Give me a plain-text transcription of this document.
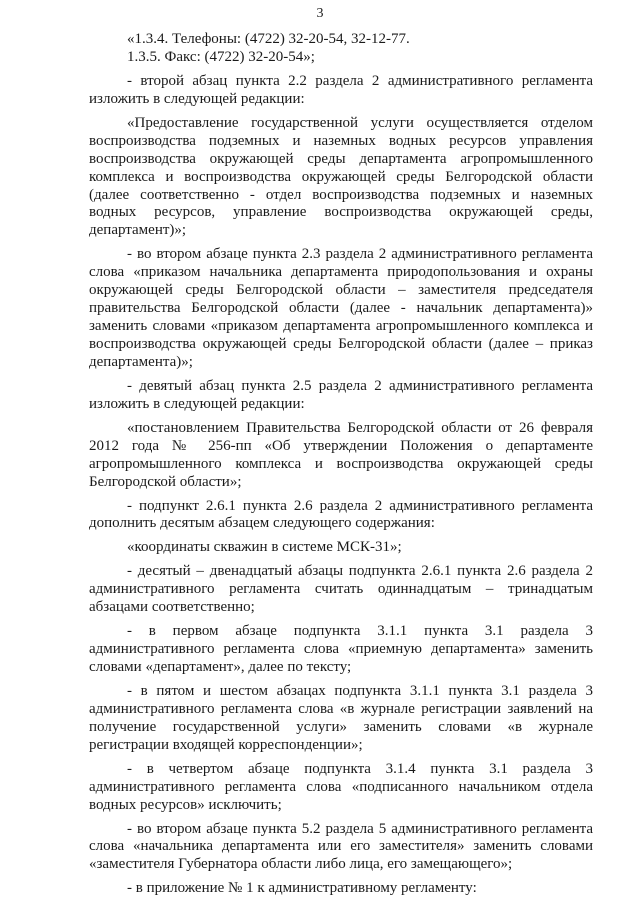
3
«1.3.4. Телефоны: (4722) 32-20-54, 32-12-77.
1.3.5. Факс: (4722) 32-20-54»;
- второй абзац пункта 2.2 раздела 2 административного регламента
изложить в следующей редакции:
«Предоставление государственной услуги осуществляется отделом
воспроизводства подземных и наземных водных ресурсов управления
воспроизводства окружающей среды департамента агропромышленного
комплекса и воспроизводства окружающей среды Белгородской области
(далее соответственно - отдел воспроизводства подземных и наземных
водных ресурсов, управление воспроизводства окружающей среды,
департамент)»;
- во втором абзаце пункта 2.3 раздела 2 административного регламента
слова «приказом начальника департамента природопользования и охраны
окружающей среды Белгородской области – заместителя председателя
правительства Белгородской области (далее - начальник департамента)»
заменить словами «приказом департамента агропромышленного комплекса и
воспроизводства окружающей среды Белгородской области (далее – приказ
департамента)»;
- девятый абзац пункта 2.5 раздела 2 административного регламента
изложить в следующей редакции:
«постановлением Правительства Белгородской области от 26 февраля
2012 года № 256-пп «Об утверждении Положения о департаменте
агропромышленного комплекса и воспроизводства окружающей среды
Белгородской области»;
- подпункт 2.6.1 пункта 2.6 раздела 2 административного регламента
дополнить десятым абзацем следующего содержания:
«координаты скважин в системе МСК-31»;
- десятый – двенадцатый абзацы подпункта 2.6.1 пункта 2.6 раздела 2
административного регламента считать одиннадцатым – тринадцатым
абзацами соответственно;
- в первом абзаце подпункта 3.1.1 пункта 3.1 раздела 3
административного регламента слова «приемную департамента» заменить
словами «департамент», далее по тексту;
- в пятом и шестом абзацах подпункта 3.1.1 пункта 3.1 раздела 3
административного регламента слова «в журнале регистрации заявлений на
получение государственной услуги» заменить словами «в журнале
регистрации входящей корреспонденции»;
- в четвертом абзаце подпункта 3.1.4 пункта 3.1 раздела 3
административного регламента слова «подписанного начальником отдела
водных ресурсов» исключить;
- во втором абзаце пункта 5.2 раздела 5 административного регламента
слова «начальника департамента или его заместителя» заменить словами
«заместителя Губернатора области либо лица, его замещающего»;
- в приложение № 1 к административному регламенту:
